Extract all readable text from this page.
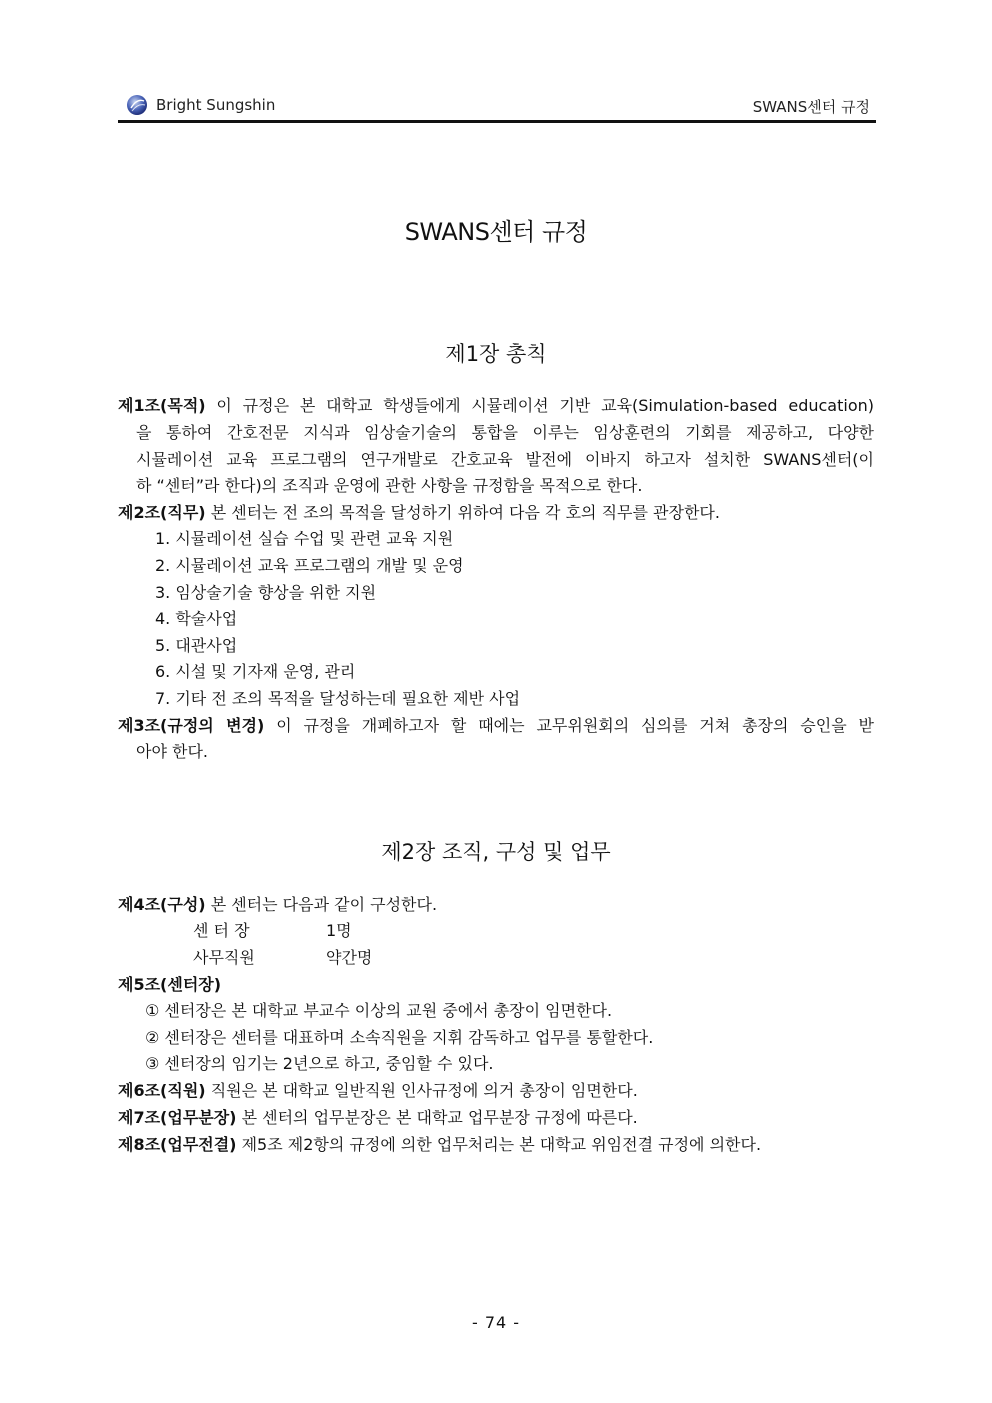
Bright Sungshin	SWANS센터 규정
SWANS센터 규정
제1장 총칙
제1조(목적) 이 규정은 본 대학교 학생들에게 시뮬레이션 기반 교육(Simulation-based education)
을 통하여 간호전문 지식과 임상술기술의 통합을 이루는 임상훈련의 기회를 제공하고, 다양한
시뮬레이션 교육 프로그램의 연구개발로 간호교육 발전에 이바지 하고자 설치한 SWANS센터(이
하 “센터”라 한다)의 조직과 운영에 관한 사항을 규정함을 목적으로 한다.
제2조(직무) 본 센터는 전 조의 목적을 달성하기 위하여 다음 각 호의 직무를 관장한다.
1. 시뮬레이션 실습 수업 및 관련 교육 지원
2. 시뮬레이션 교육 프로그램의 개발 및 운영
3. 임상술기술 향상을 위한 지원
4. 학술사업
5. 대관사업
6. 시설 및 기자재 운영, 관리
7. 기타 전 조의 목적을 달성하는데 필요한 제반 사업
제3조(규정의 변경) 이 규정을 개폐하고자 할 때에는 교무위원회의 심의를 거쳐 총장의 승인을 받
아야 한다.
제2장 조직, 구성 및 업무
제4조(구성) 본 센터는 다음과 같이 구성한다.
센 터 장	1명
사무직원	약간명
제5조(센터장)
① 센터장은 본 대학교 부교수 이상의 교원 중에서 총장이 임면한다.
② 센터장은 센터를 대표하며 소속직원을 지휘 감독하고 업무를 통할한다.
③ 센터장의 임기는 2년으로 하고, 중임할 수 있다.
제6조(직원) 직원은 본 대학교 일반직원 인사규정에 의거 총장이 임면한다.
제7조(업무분장) 본 센터의 업무분장은 본 대학교 업무분장 규정에 따른다.
제8조(업무전결) 제5조 제2항의 규정에 의한 업무처리는 본 대학교 위임전결 규정에 의한다.
- 74 -
